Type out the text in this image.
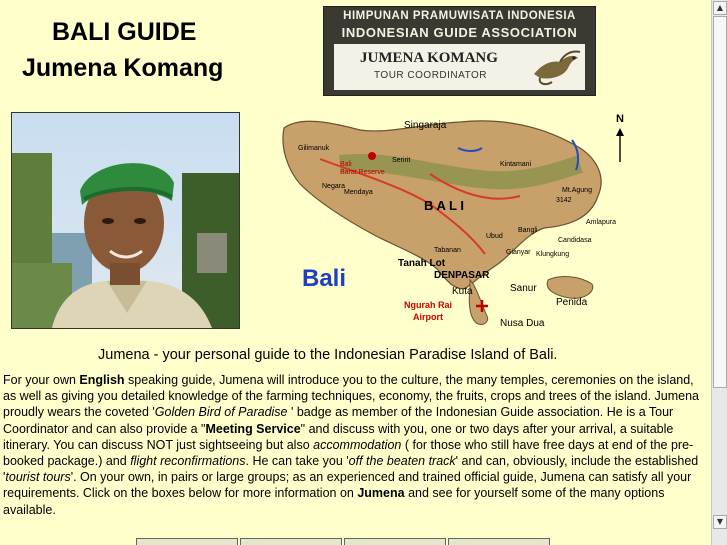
BALI GUIDE
Jumena Komang
HIMPUNAN PRAMUWISATA INDONESIA
INDONESIAN GUIDE ASSOCIATION
JUMENA KOMANG
TOUR COORDINATOR
Singaraja
N
B A L I
Bali
Tanah Lot
DENPASAR
Kuta	Sanur
Penida
Ngurah Rai
Airport
Nusa Dua
Mendaya
Negara
Bali
Barat Reserve
Seririt
Gilimanuk
Amlapura
Mt.Agung
3142
Tabanan	Gianyar
Ubud
Bangli
Kintamani
Candidasa
Klungkung
Jumena - your personal guide to the Indonesian Paradise Island of Bali.
For your own English speaking guide, Jumena will introduce you to the culture, the many temples, ceremonies on the island, as well as giving you detailed knowledge of the farming techniques, economy, the fruits, crops and trees of the island. Jumena proudly wears the coveted 'Golden Bird of Paradise ' badge as member of the Indonesian Guide association. He is a Tour Coordinator and can also provide a "Meeting Service" and discuss with you, one or two days after your arrival, a suitable itinerary. You can discuss NOT just sightseeing but also accommodation ( for those who still have free days at end of the pre-booked package.) and flight reconfirmations. He can take you 'off the beaten track' and can, obviously, include the established 'tourist tours'. On your own, in pairs or large groups; as an experienced and trained official guide, Jumena can satisfy all your requirements. Click on the boxes below for more information on Jumena and see for yourself some of the many options available.
▲
▼
